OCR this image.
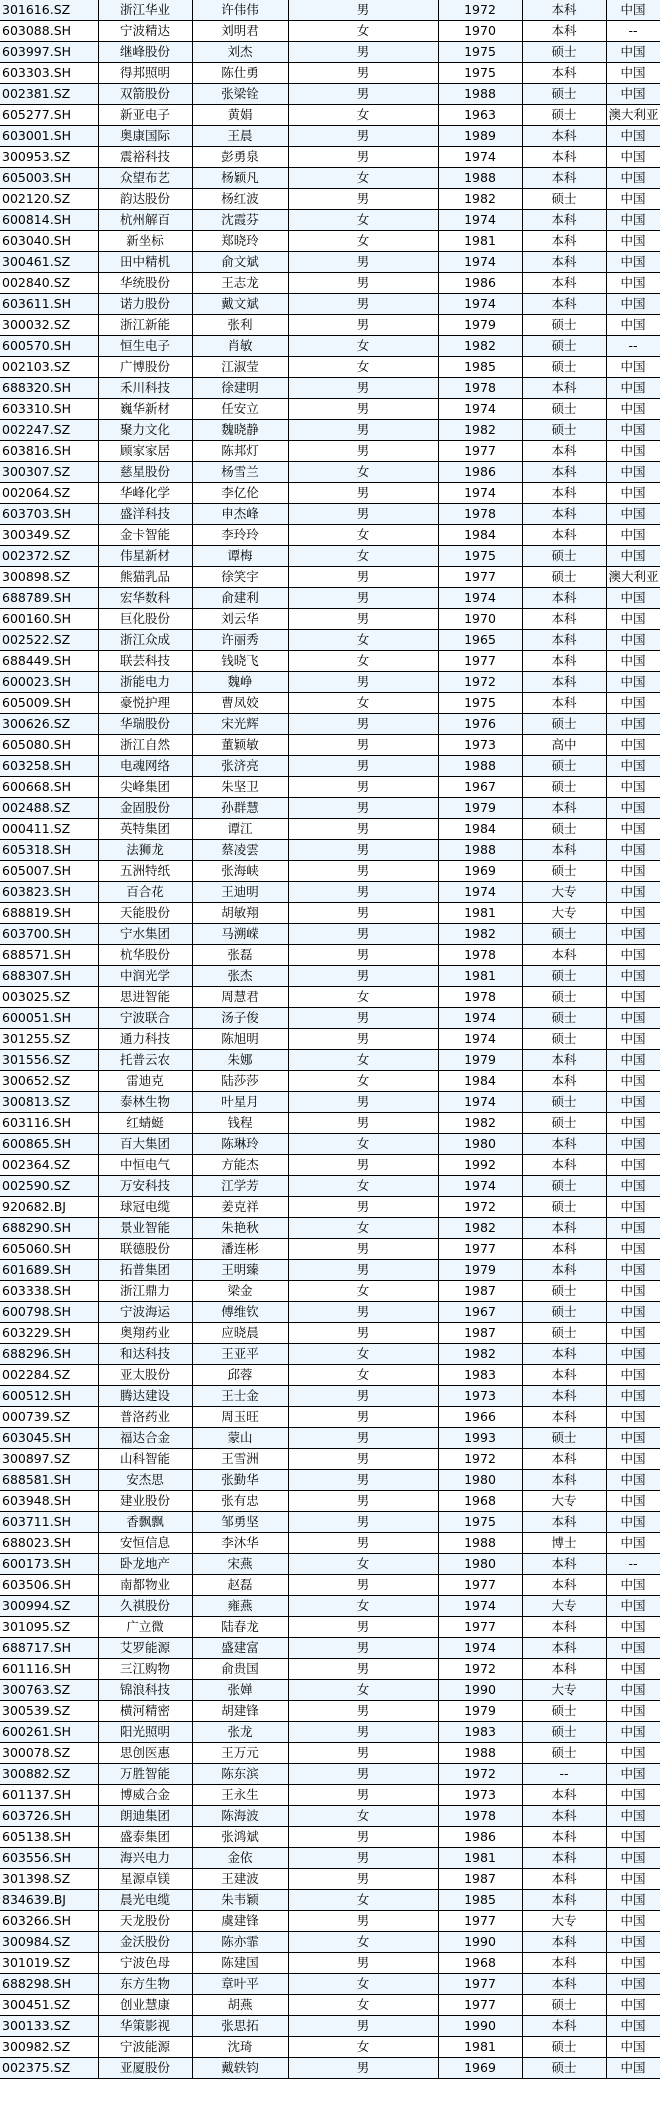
301616.SZ	浙江华业	许伟伟	男	1972	本科	中国	
603088.SH	宁波精达	刘明君	女	1970	本科	--	
603997.SH	继峰股份	刘杰	男	1975	硕士	中国	
603303.SH	得邦照明	陈仕勇	男	1975	本科	中国	
002381.SZ	双箭股份	张梁铨	男	1988	硕士	中国	
605277.SH	新亚电子	黄娟	女	1963	硕士	澳大利亚	
603001.SH	奥康国际	王晨	男	1989	本科	中国	
300953.SZ	震裕科技	彭勇泉	男	1974	本科	中国	
605003.SH	众望布艺	杨颖凡	女	1988	本科	中国	
002120.SZ	韵达股份	杨红波	男	1982	硕士	中国	
600814.SH	杭州解百	沈霞芬	女	1974	本科	中国	
603040.SH	新坐标	郑晓玲	女	1981	本科	中国	
300461.SZ	田中精机	俞文斌	男	1974	本科	中国	
002840.SZ	华统股份	王志龙	男	1986	本科	中国	
603611.SH	诺力股份	戴文斌	男	1974	本科	中国	
300032.SZ	浙江新能	张利	男	1979	硕士	中国	
600570.SH	恒生电子	肖敏	女	1982	硕士	--	
002103.SZ	广博股份	江淑莹	女	1985	硕士	中国	
688320.SH	禾川科技	徐建明	男	1978	本科	中国	
603310.SH	巍华新材	任安立	男	1974	硕士	中国	
002247.SZ	聚力文化	魏晓静	男	1982	硕士	中国	
603816.SH	顾家家居	陈邦灯	男	1977	本科	中国	
300307.SZ	慈星股份	杨雪兰	女	1986	本科	中国	
002064.SZ	华峰化学	李亿伦	男	1974	本科	中国	
603703.SH	盛洋科技	申杰峰	男	1978	本科	中国	
300349.SZ	金卡智能	李玲玲	女	1984	本科	中国	
002372.SZ	伟星新材	谭梅	女	1975	硕士	中国	
300898.SZ	熊猫乳品	徐笑宇	男	1977	硕士	澳大利亚	
688789.SH	宏华数科	俞建利	男	1974	本科	中国	
600160.SH	巨化股份	刘云华	男	1970	本科	中国	
002522.SZ	浙江众成	许丽秀	女	1965	本科	中国	
688449.SH	联芸科技	钱晓飞	女	1977	本科	中国	
600023.SH	浙能电力	魏峥	男	1972	本科	中国	
605009.SH	豪悦护理	曹凤姣	女	1975	本科	中国	
300626.SZ	华瑞股份	宋光辉	男	1976	硕士	中国	
605080.SH	浙江自然	董颖敏	男	1973	高中	中国	
603258.SH	电魂网络	张济亮	男	1988	硕士	中国	
600668.SH	尖峰集团	朱坚卫	男	1967	硕士	中国	
002488.SZ	金固股份	孙群慧	男	1979	本科	中国	
000411.SZ	英特集团	谭江	男	1984	硕士	中国	
605318.SH	法狮龙	蔡凌雲	男	1988	本科	中国	
605007.SH	五洲特纸	张海峡	男	1969	硕士	中国	
603823.SH	百合花	王迪明	男	1974	大专	中国	
688819.SH	天能股份	胡敏翔	男	1981	大专	中国	
603700.SH	宁水集团	马溯嵘	男	1982	硕士	中国	
688571.SH	杭华股份	张磊	男	1978	本科	中国	
688307.SH	中润光学	张杰	男	1981	硕士	中国	
003025.SZ	思进智能	周慧君	女	1978	硕士	中国	
600051.SH	宁波联合	汤子俊	男	1974	硕士	中国	
301255.SZ	通力科技	陈旭明	男	1974	硕士	中国	
301556.SZ	托普云农	朱娜	女	1979	本科	中国	
300652.SZ	雷迪克	陆莎莎	女	1984	本科	中国	
300813.SZ	泰林生物	叶星月	男	1974	硕士	中国	
603116.SH	红蜻蜓	钱程	男	1982	硕士	中国	
600865.SH	百大集团	陈琳玲	女	1980	本科	中国	
002364.SZ	中恒电气	方能杰	男	1992	本科	中国	
002590.SZ	万安科技	江学芳	女	1974	硕士	中国	
920682.BJ	球冠电缆	姜克祥	男	1972	硕士	中国	
688290.SH	景业智能	朱艳秋	女	1982	本科	中国	
605060.SH	联德股份	潘连彬	男	1977	本科	中国	
601689.SH	拓普集团	王明臻	男	1979	本科	中国	
603338.SH	浙江鼎力	梁金	女	1987	硕士	中国	
600798.SH	宁波海运	傅维钦	男	1967	硕士	中国	
603229.SH	奥翔药业	应晓晨	男	1987	硕士	中国	
688296.SH	和达科技	王亚平	女	1982	本科	中国	
002284.SZ	亚太股份	邱蓉	女	1983	本科	中国	
600512.SH	腾达建设	王士金	男	1973	本科	中国	
000739.SZ	普洛药业	周玉旺	男	1966	本科	中国	
603045.SH	福达合金	蒙山	男	1993	硕士	中国	
300897.SZ	山科智能	王雪洲	男	1972	本科	中国	
688581.SH	安杰思	张勤华	男	1980	本科	中国	
603948.SH	建业股份	张有忠	男	1968	大专	中国	
603711.SH	香飘飘	邹勇坚	男	1975	本科	中国	
688023.SH	安恒信息	李沐华	男	1988	博士	中国	
600173.SH	卧龙地产	宋燕	女	1980	本科	--	
603506.SH	南都物业	赵磊	男	1977	本科	中国	
300994.SZ	久祺股份	雍燕	女	1974	大专	中国	
301095.SZ	广立微	陆春龙	男	1977	本科	中国	
688717.SH	艾罗能源	盛建富	男	1974	本科	中国	
601116.SH	三江购物	俞贵国	男	1972	本科	中国	
300763.SZ	锦浪科技	张婵	女	1990	大专	中国	
300539.SZ	横河精密	胡建锋	男	1979	硕士	中国	
600261.SH	阳光照明	张龙	男	1983	硕士	中国	
300078.SZ	思创医惠	王万元	男	1988	硕士	中国	
300882.SZ	万胜智能	陈东滨	男	1972	--	中国	
601137.SH	博威合金	王永生	男	1973	本科	中国	
603726.SH	朗迪集团	陈海波	女	1978	本科	中国	
605138.SH	盛泰集团	张鸿斌	男	1986	本科	中国	
603556.SH	海兴电力	金依	男	1981	本科	中国	
301398.SZ	星源卓镁	王建波	男	1987	本科	中国	
834639.BJ	晨光电缆	朱韦颖	女	1985	本科	中国	
603266.SH	天龙股份	虞建锋	男	1977	大专	中国	
300984.SZ	金沃股份	陈亦霏	女	1990	本科	中国	
301019.SZ	宁波色母	陈建国	男	1968	本科	中国	
688298.SH	东方生物	章叶平	女	1977	本科	中国	
300451.SZ	创业慧康	胡燕	女	1977	硕士	中国	
300133.SZ	华策影视	张思拓	男	1990	本科	中国	
300982.SZ	宁波能源	沈琦	女	1981	硕士	中国	
002375.SZ	亚厦股份	戴轶钧	男	1969	硕士	中国	
